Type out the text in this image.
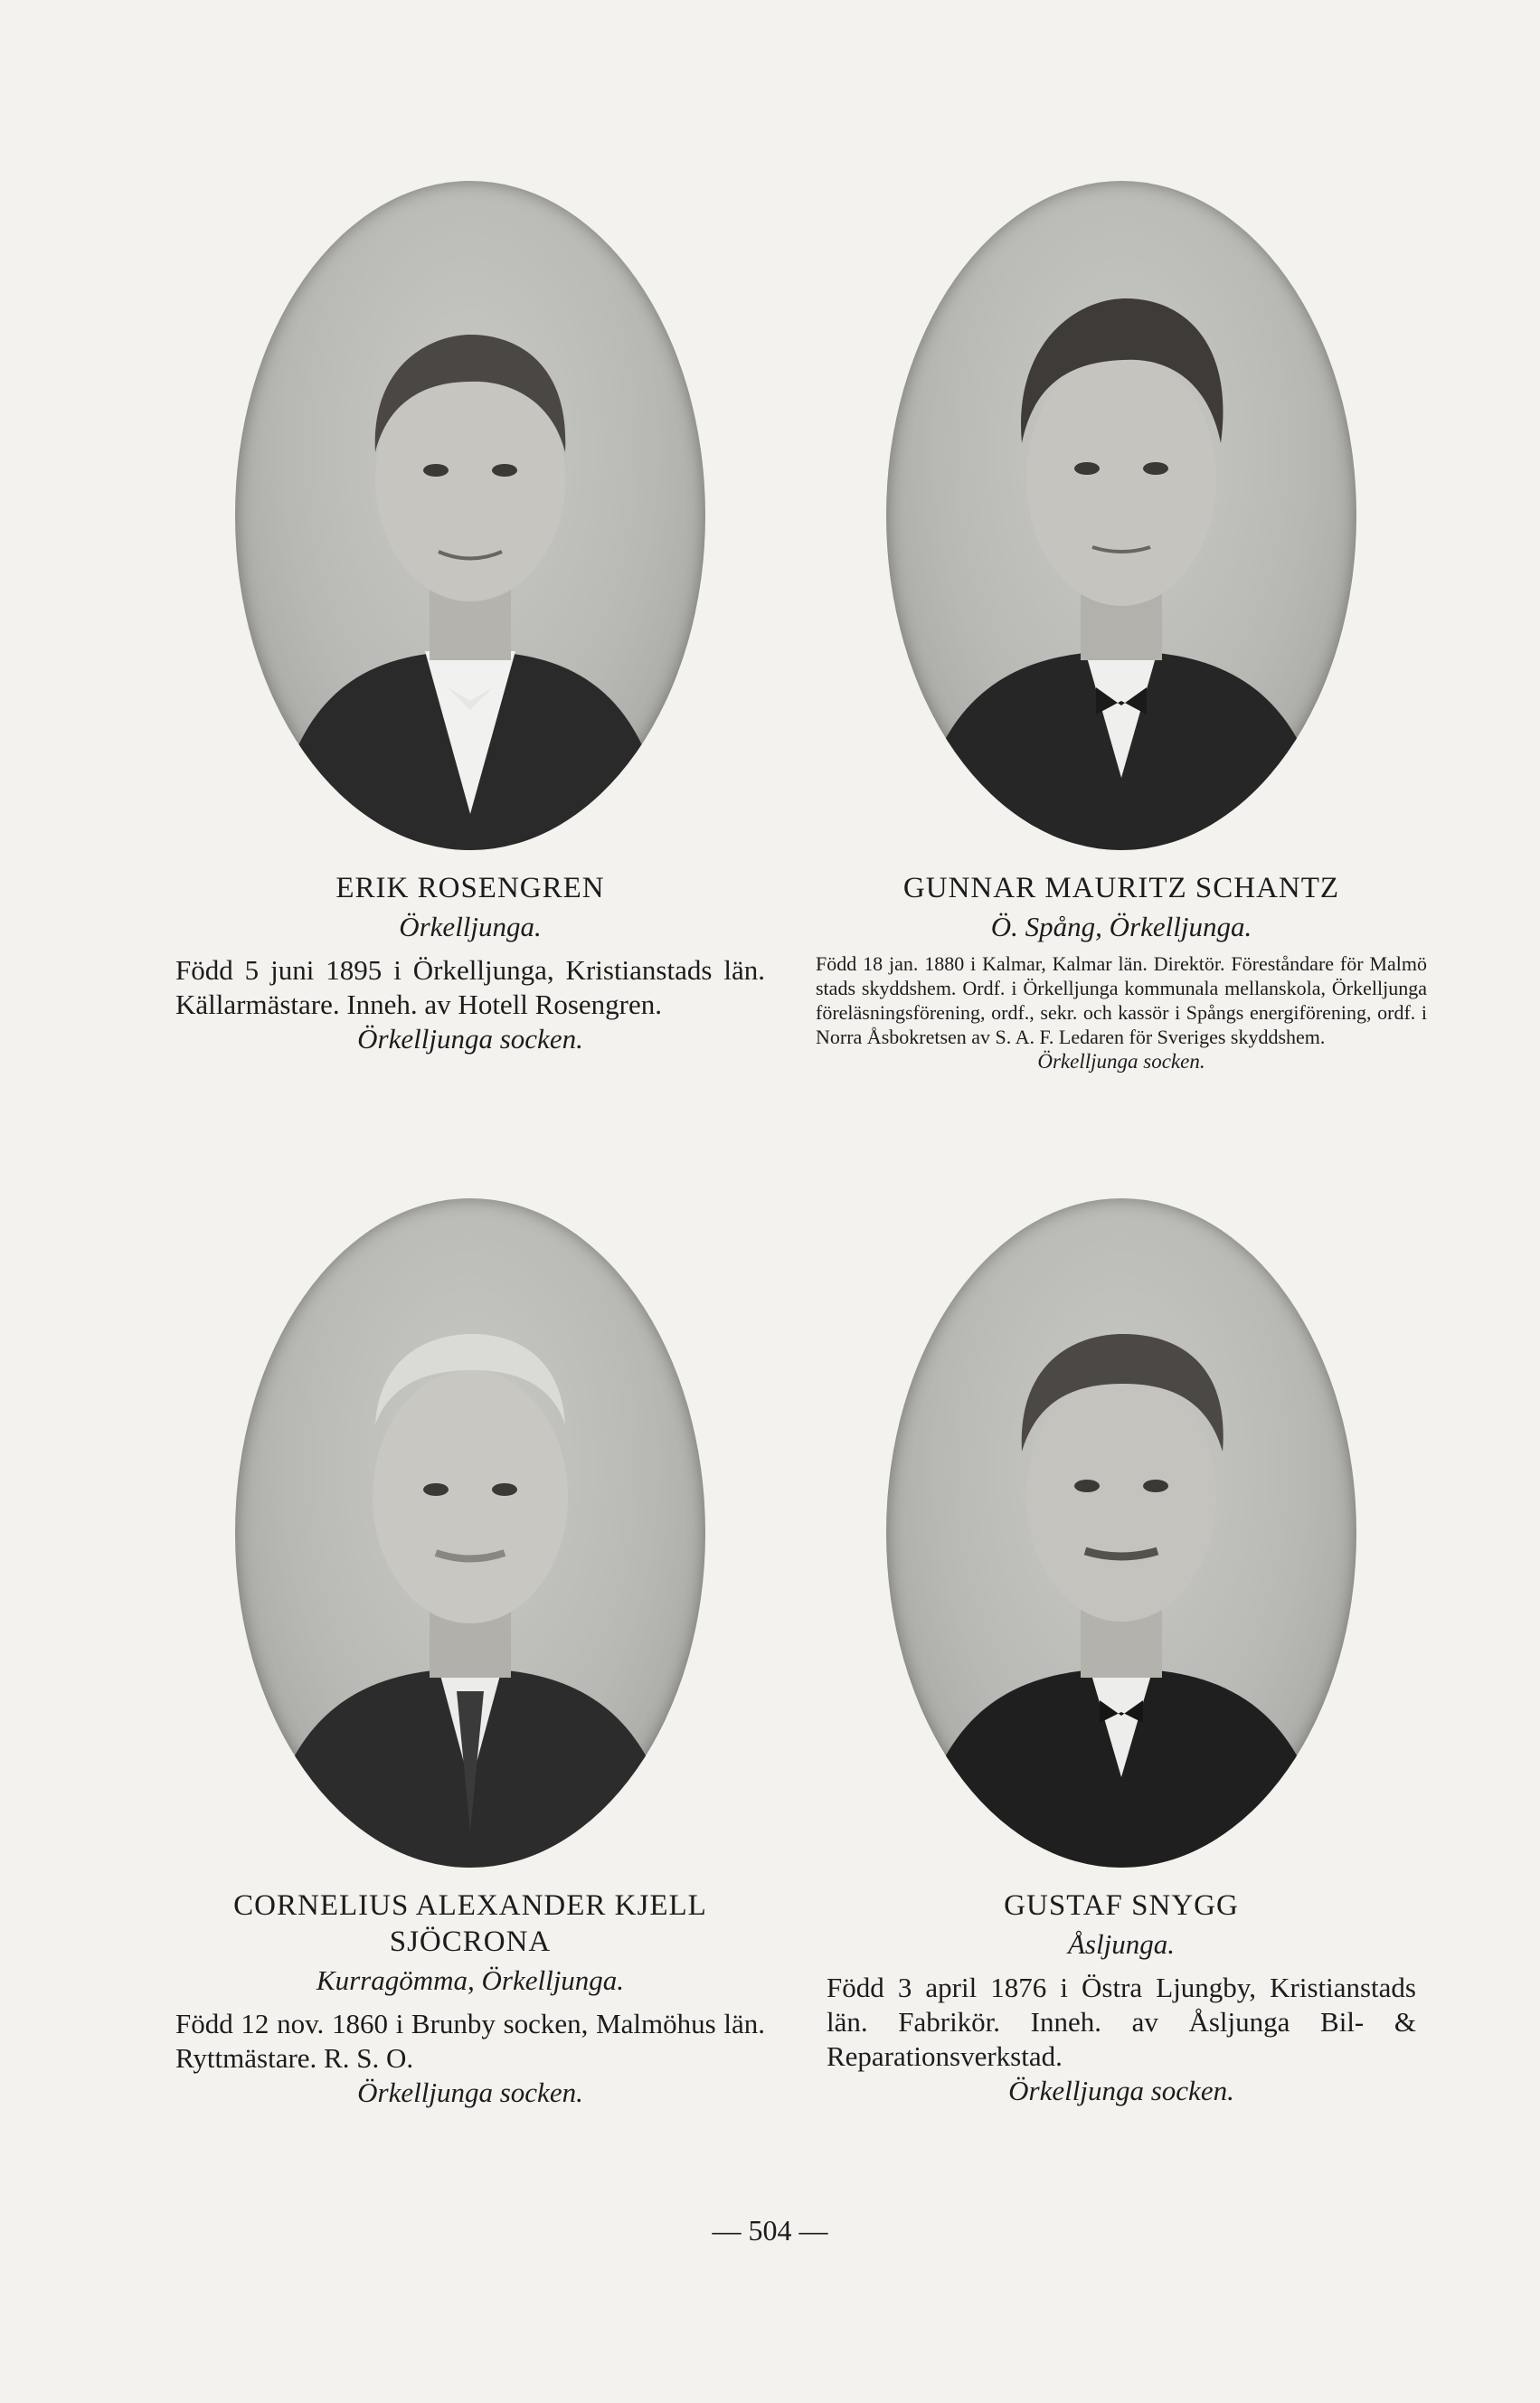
ERIK ROSENGREN
Örkelljunga.
Född 5 juni 1895 i Örkelljunga, Kristianstads län. Källarmästare. Inneh. av Hotell Rosengren.
Örkelljunga socken.
GUNNAR MAURITZ SCHANTZ
Ö. Spång, Örkelljunga.
Född 18 jan. 1880 i Kalmar, Kalmar län. Direktör. Föreståndare för Malmö stads skyddshem. Ordf. i Örkelljunga kommunala mellanskola, Örkelljunga föreläsningsförening, ordf., sekr. och kassör i Spångs energiförening, ordf. i Norra Åsbokretsen av S. A. F. Ledaren för Sveriges skyddshem.
Örkelljunga socken.
CORNELIUS ALEXANDER KJELL SJÖCRONA
Kurragömma, Örkelljunga.
Född 12 nov. 1860 i Brunby socken, Malmöhus län. Ryttmästare. R. S. O.
Örkelljunga socken.
GUSTAF SNYGG
Åsljunga.
Född 3 april 1876 i Östra Ljungby, Kristianstads län. Fabrikör. Inneh. av Åsljunga Bil- & Reparationsverkstad.
Örkelljunga socken.
— 504 —
